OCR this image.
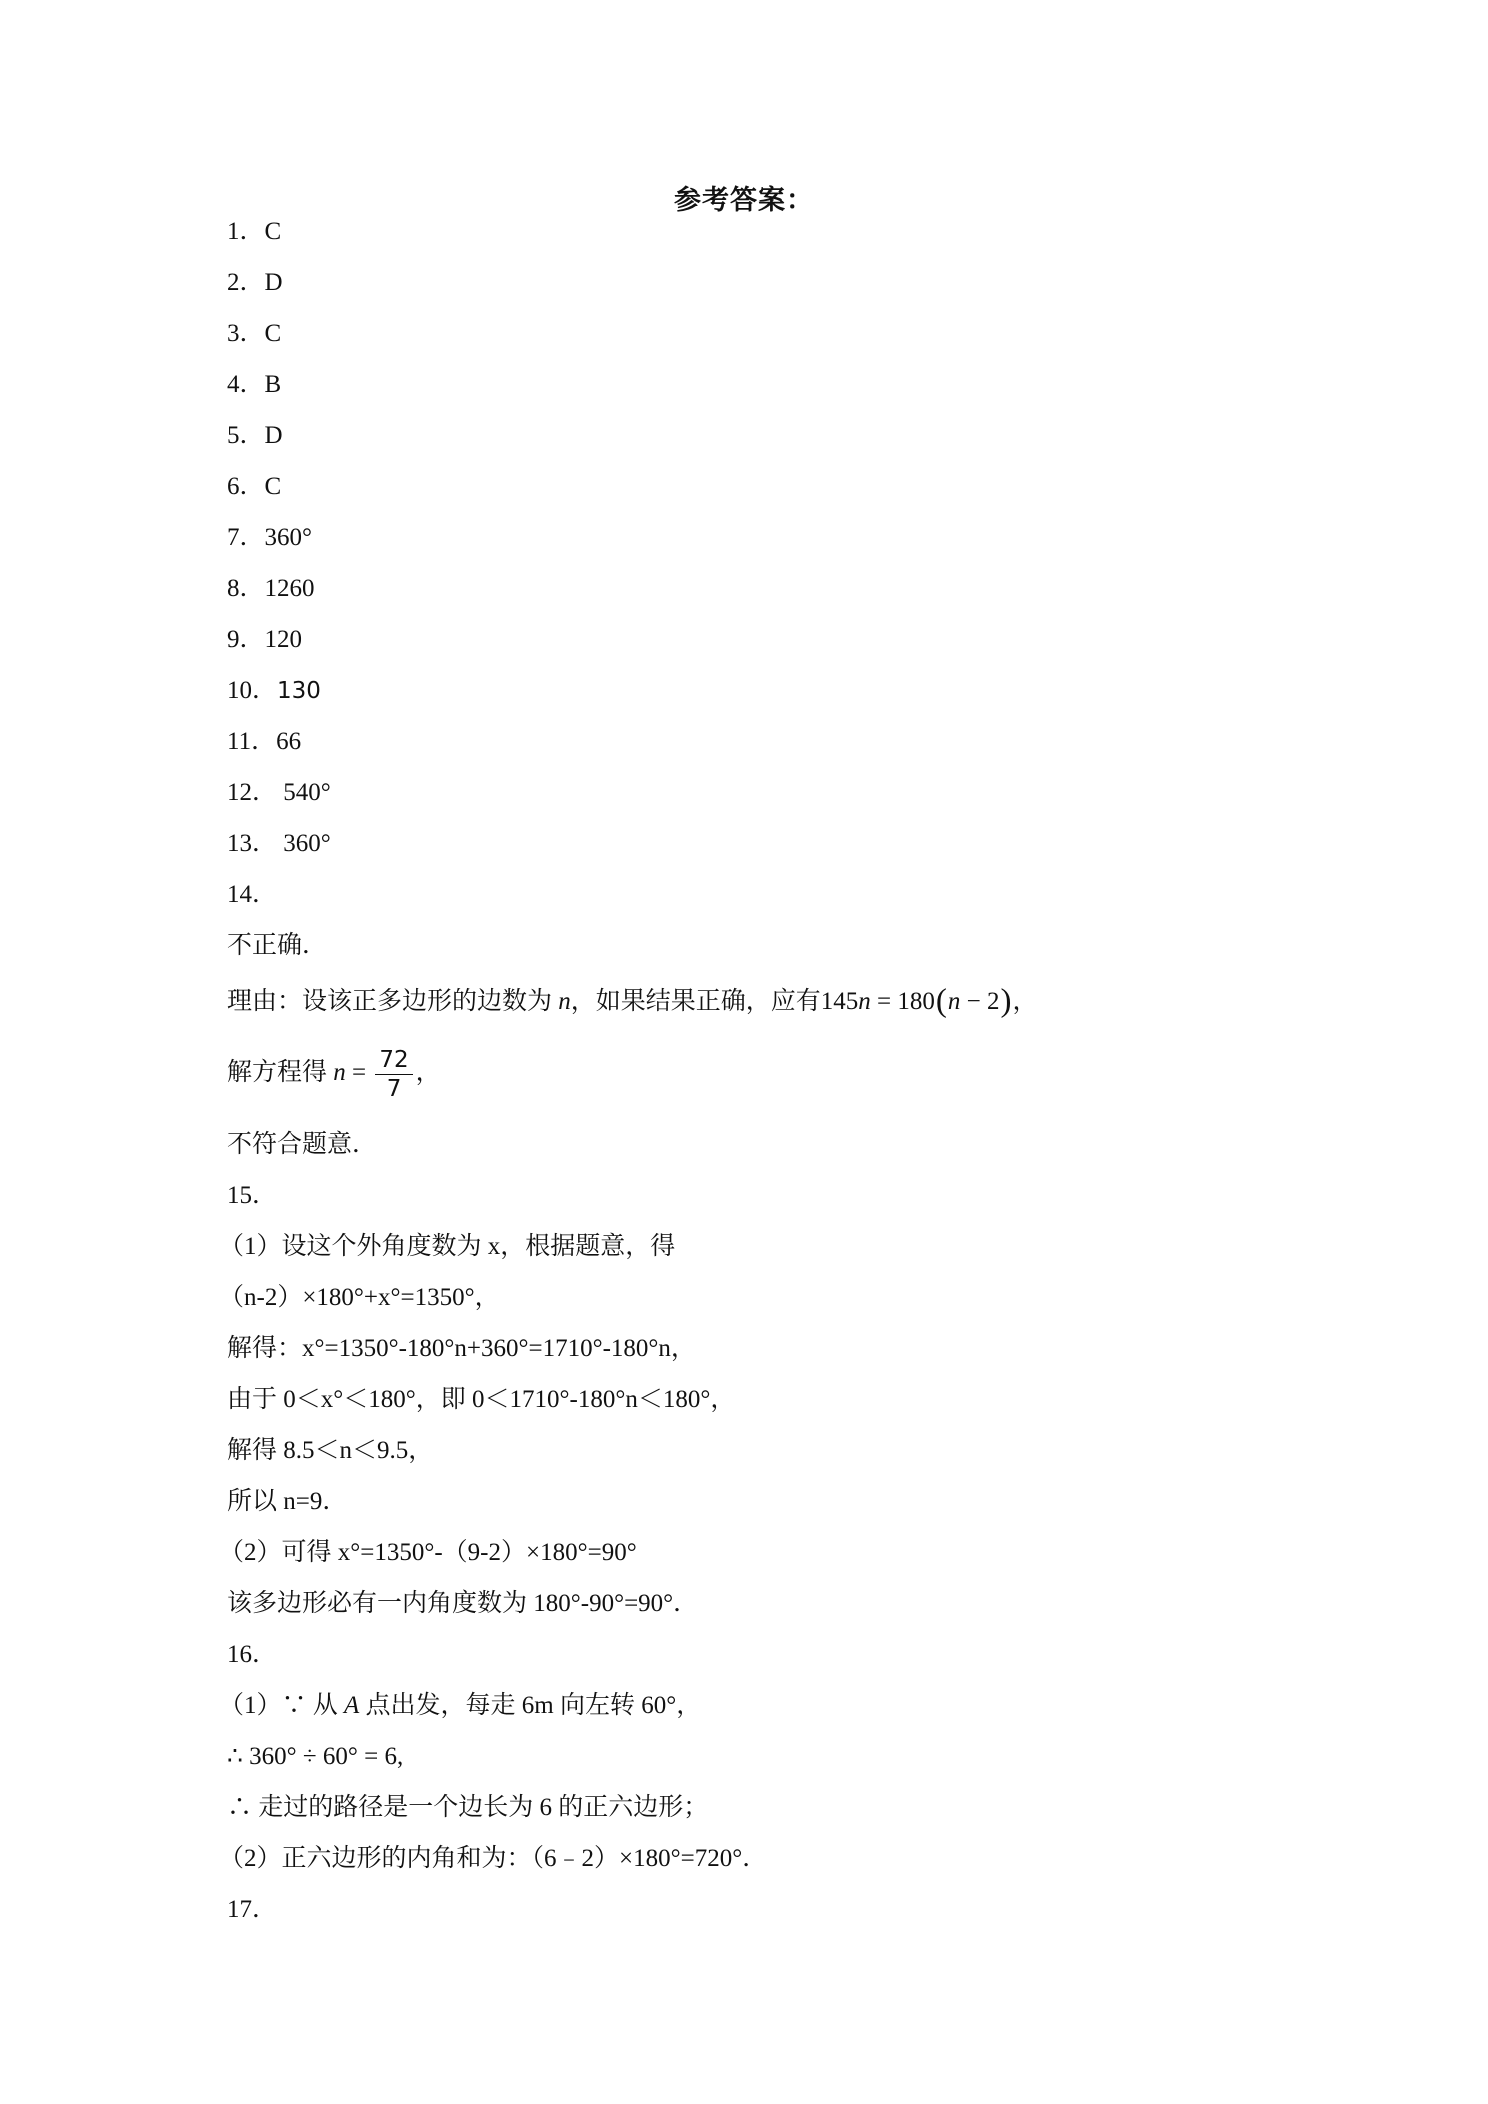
参考答案：
1．C
2．D
3．C
4．B
5．D
6．C
7．360°
8．1260
9．120
10．130
11．66
12． 540°
13． 360°
14．
不正确．
理由：设该正多边形的边数为 n，如果结果正确，应有145n = 180(n − 2)，
解方程得 $n = \frac{72}{7}$ ，
不符合题意．
15．
（1）设这个外角度数为 x，根据题意，得
（n-2）×180°+x°=1350°，
解得：x°=1350°-180°n+360°=1710°-180°n，
由于 0＜x°＜180°，即 0＜1710°-180°n＜180°，
解得 8.5＜n＜9.5，
所以 n=9．
（2）可得 x°=1350°-（9-2）×180°=90°
该多边形必有一内角度数为 180°-90°=90°．
16．
（1）∵ 从 A 点出发，每走 6m 向左转 60°，
∴ 360° ÷ 60° = 6,
∴ 走过的路径是一个边长为 6 的正六边形；
（2）正六边形的内角和为：（6﹣2）×180°=720°．
17．
